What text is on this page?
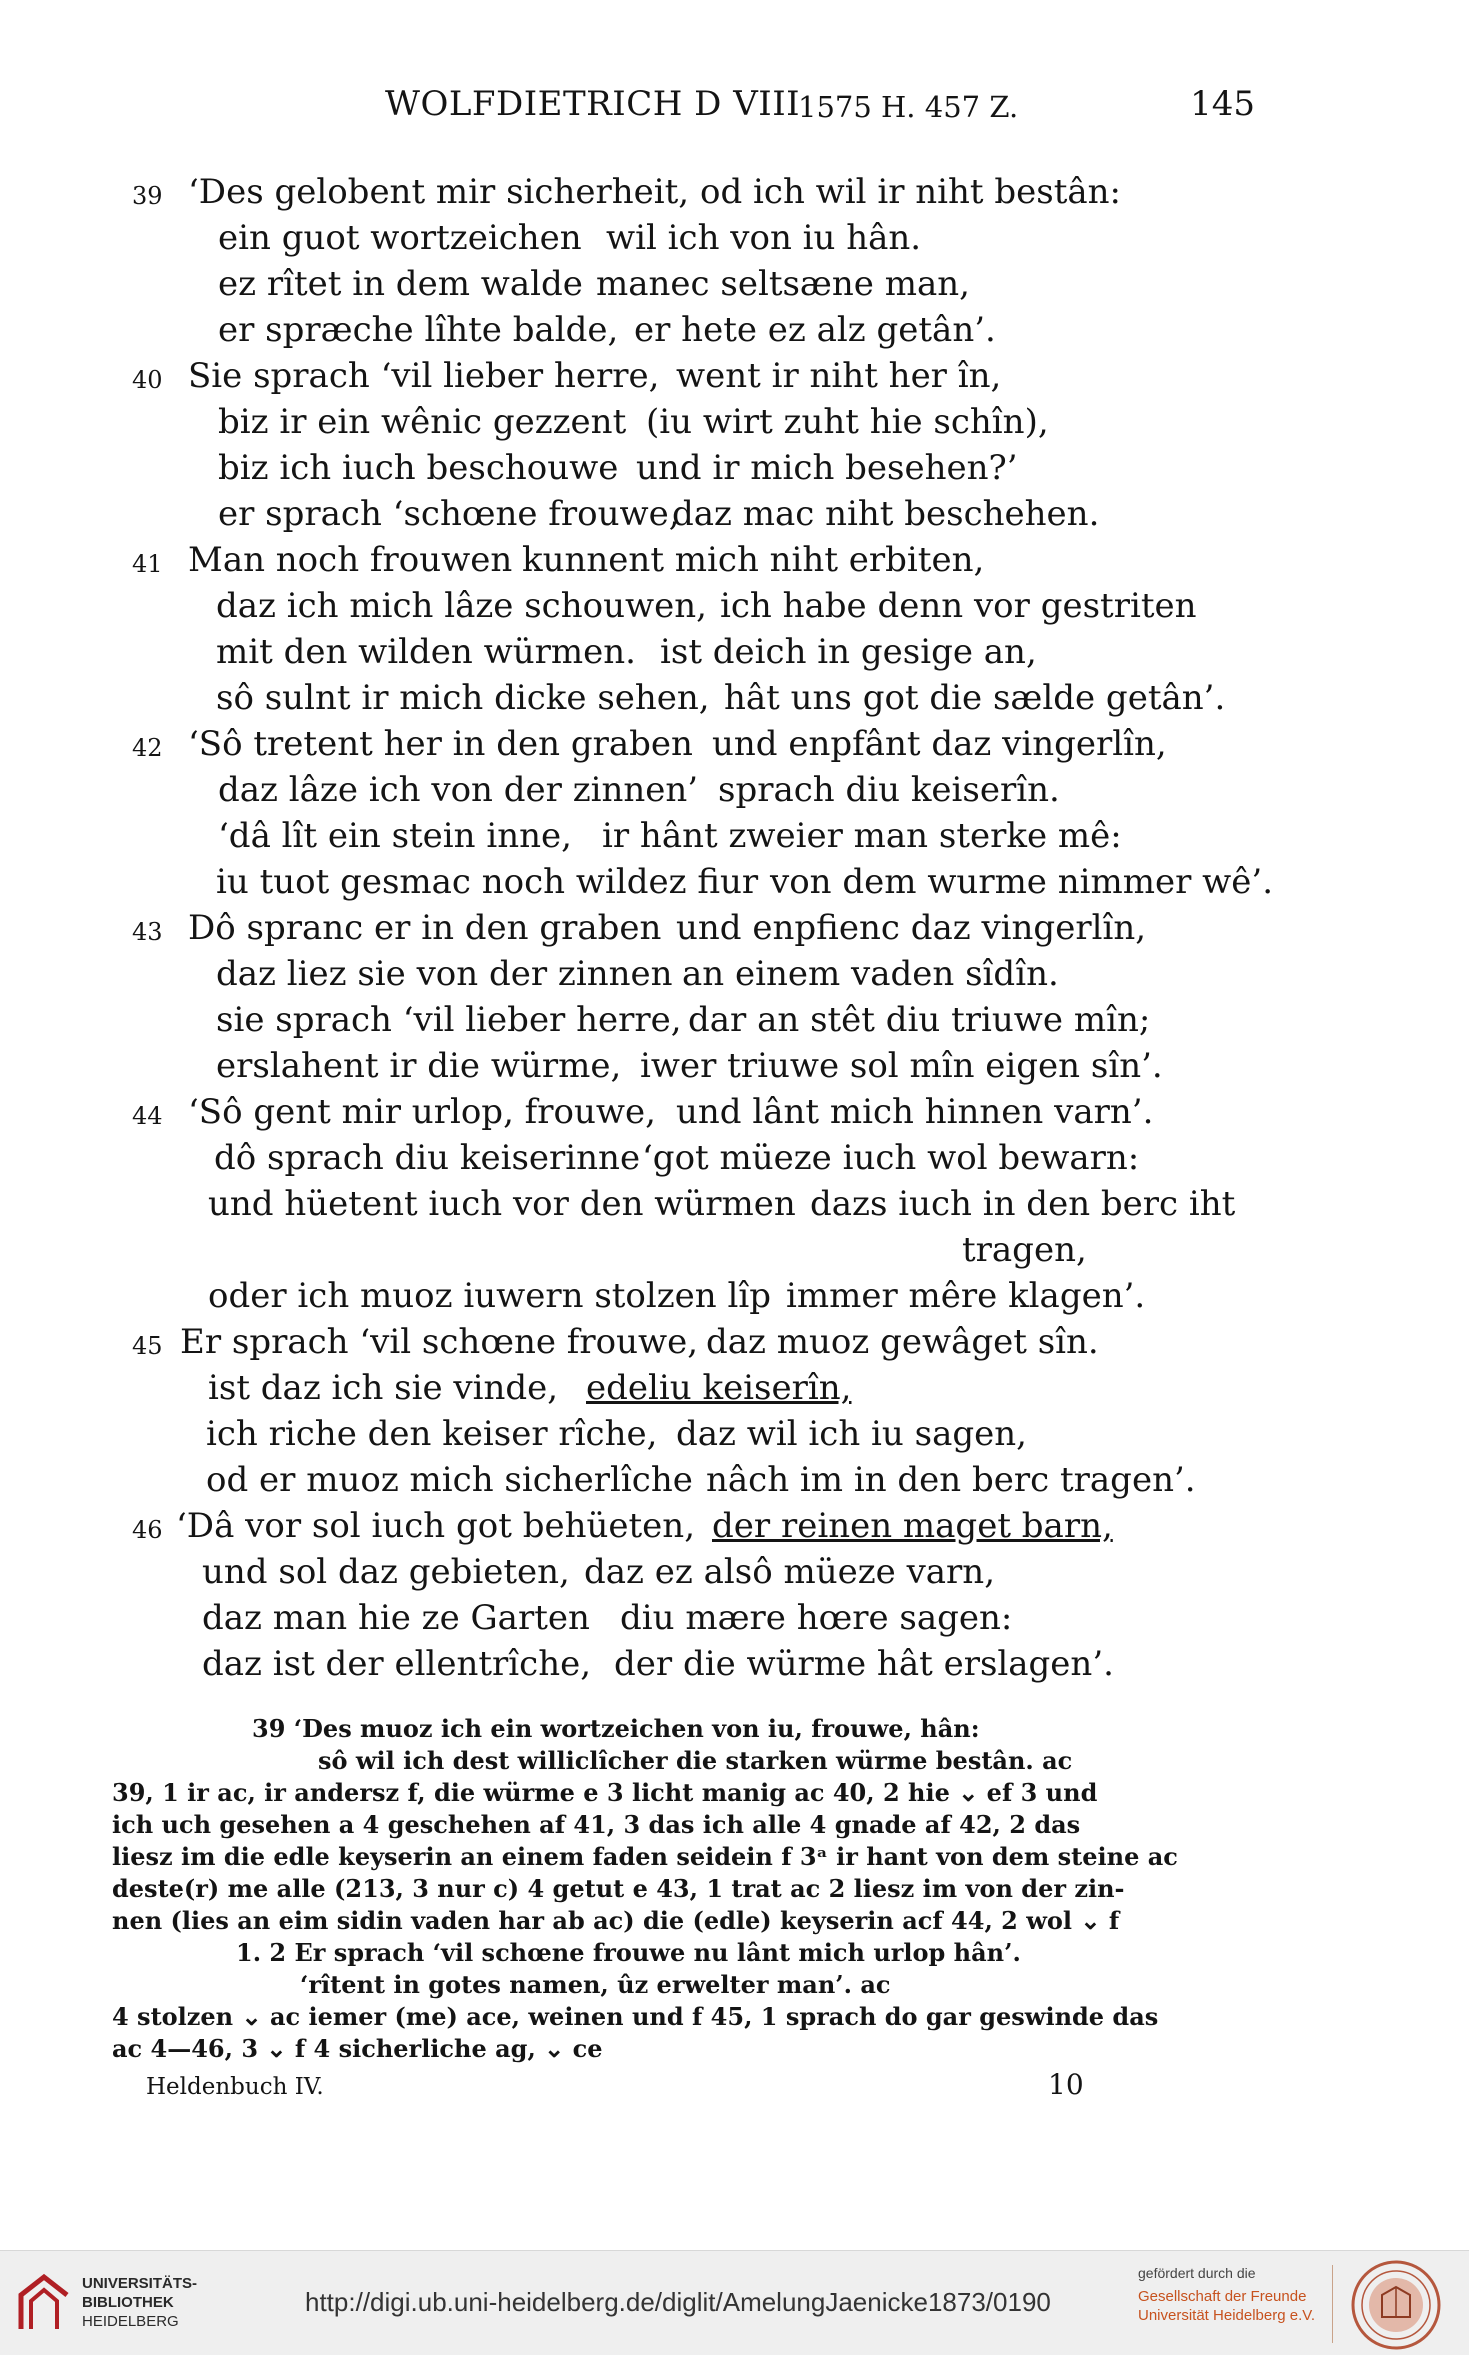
WOLFDIETRICH D VIII
1575 H. 457 Z.	145
39 ‘Des gelobent mir sicherheit, od ich wil ir niht bestân:
ein guot wortzeichen wil ich von iu hân.
ez rîtet in dem walde manec seltsæne man,
er spræche lîhte balde, er hete ez alz getân’.
40 Sie sprach ‘vil lieber herre, went ir niht her în,
biz ir ein wênic gezzent (iu wirt zuht hie schîn),
biz ich iuch beschouwe und ir mich besehen?’
er sprach ‘schœne frouwe,
daz mac niht beschehen.
41 Man noch frouwen kunnent mich niht erbiten,
daz ich mich lâze schouwen, ich habe denn vor gestriten
mit den wilden würmen. ist deich in gesige an,
sô sulnt ir mich dicke sehen, hât uns got die sælde getân’.
42 ‘Sô tretent her in den graben und enpfânt daz vingerlîn,
daz lâze ich von der zinnen’ sprach diu keiserîn.
‘dâ lît ein stein inne, ir hânt zweier man sterke mê:
iu tuot gesmac noch wildez fiur von dem wurme nimmer wê’.
43 Dô spranc er in den graben und enpfienc daz vingerlîn,
daz liez sie von der zinnen an einem vaden sîdîn.
sie sprach ‘vil lieber herre, dar an stêt diu triuwe mîn;
erslahent ir die würme, iwer triuwe sol mîn eigen sîn’.
44 ‘Sô gent mir urlop, frouwe, und lânt mich hinnen varn’.
dô sprach diu keiserinne ‘got müeze iuch wol bewarn:
und hüetent iuch vor den würmen dazs iuch in den berc iht
tragen,
oder ich muoz iuwern stolzen lîp immer mêre klagen’.
45 Er sprach ‘vil schœne frouwe, daz muoz gewâget sîn.
ist daz ich sie vinde, edeliu keiserîn,
ich riche den keiser rîche, daz wil ich iu sagen,
od er muoz mich sicherlîche nâch im in den berc tragen’.
46 ‘Dâ vor sol iuch got behüeten, der reinen maget barn,
und sol daz gebieten, daz ez alsô müeze varn,
daz man hie ze Garten diu mære hœre sagen:
daz ist der ellentrîche, der die würme hât erslagen’.
39 ‘Des muoz ich ein wortzeichen von iu, frouwe, hân:
sô wil ich dest williclîcher die starken würme bestân. ac
39, 1 ir ac, ir andersz f, die würme e 3 licht manig ac 40, 2 hie ⌄ ef 3 und
ich uch gesehen a 4 geschehen af 41, 3 das ich alle 4 gnade af 42, 2 das
liesz im die edle keyserin an einem faden seidein f 3ᵃ ir hant von dem steine ac
deste(r) me alle (213, 3 nur c) 4 getut e 43, 1 trat ac 2 liesz im von der zin-
nen (lies an eim sidin vaden har ab ac) die (edle) keyserin acf 44, 2 wol ⌄ f
1. 2 Er sprach ‘vil schœne frouwe nu lânt mich urlop hân’.
‘rîtent in gotes namen, ûz erwelter man’. ac
4 stolzen ⌄ ac iemer (me) ace, weinen und f 45, 1 sprach do gar geswinde das
ac 4—46, 3 ⌄ f 4 sicherliche ag, ⌄ ce
Heldenbuch IV.	10
UNIVERSITÄTS-
BIBLIOTHEK
HEIDELBERG
http://digi.ub.uni-heidelberg.de/diglit/AmelungJaenicke1873/0190
gefördert durch die
Gesellschaft der Freunde
Universität Heidelberg e.V.
